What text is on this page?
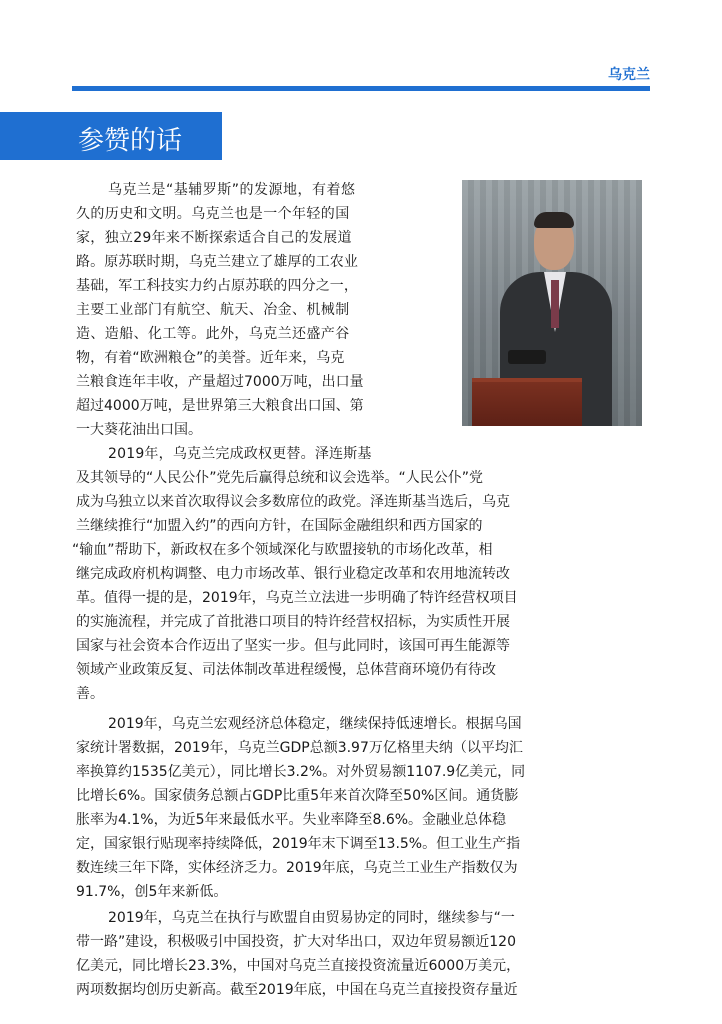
乌克兰
参赞的话
乌克兰是“基辅罗斯”的发源地，有着悠
久的历史和文明。乌克兰也是一个年轻的国
家，独立29年来不断探索适合自己的发展道
路。原苏联时期，乌克兰建立了雄厚的工农业
基础，军工科技实力约占原苏联的四分之一，
主要工业部门有航空、航天、冶金、机械制
造、造船、化工等。此外，乌克兰还盛产谷
物，有着“欧洲粮仓”的美誉。近年来，乌克
兰粮食连年丰收，产量超过7000万吨，出口量
超过4000万吨，是世界第三大粮食出口国、第
一大葵花油出口国。
2019年，乌克兰完成政权更替。泽连斯基
及其领导的“人民公仆”党先后赢得总统和议会选举。“人民公仆”党
成为乌独立以来首次取得议会多数席位的政党。泽连斯基当选后，乌克
兰继续推行“加盟入约”的西向方针，在国际金融组织和西方国家的
“输血”帮助下，新政权在多个领域深化与欧盟接轨的市场化改革，相
继完成政府机构调整、电力市场改革、银行业稳定改革和农用地流转改
革。值得一提的是，2019年，乌克兰立法进一步明确了特许经营权项目
的实施流程，并完成了首批港口项目的特许经营权招标，为实质性开展
国家与社会资本合作迈出了坚实一步。但与此同时，该国可再生能源等
领域产业政策反复、司法体制改革进程缓慢，总体营商环境仍有待改
善。
2019年，乌克兰宏观经济总体稳定，继续保持低速增长。根据乌国
家统计署数据，2019年，乌克兰GDP总额3.97万亿格里夫纳（以平均汇
率换算约1535亿美元），同比增长3.2%。对外贸易额1107.9亿美元，同
比增长6%。国家债务总额占GDP比重5年来首次降至50%区间。通货膨
胀率为4.1%，为近5年来最低水平。失业率降至8.6%。金融业总体稳
定，国家银行贴现率持续降低，2019年末下调至13.5%。但工业生产指
数连续三年下降，实体经济乏力。2019年底，乌克兰工业生产指数仅为
91.7%，创5年来新低。
2019年，乌克兰在执行与欧盟自由贸易协定的同时，继续参与“一
带一路”建设，积极吸引中国投资，扩大对华出口，双边年贸易额近120
亿美元，同比增长23.3%，中国对乌克兰直接投资流量近6000万美元，
两项数据均创历史新高。截至2019年底，中国在乌克兰直接投资存量近
